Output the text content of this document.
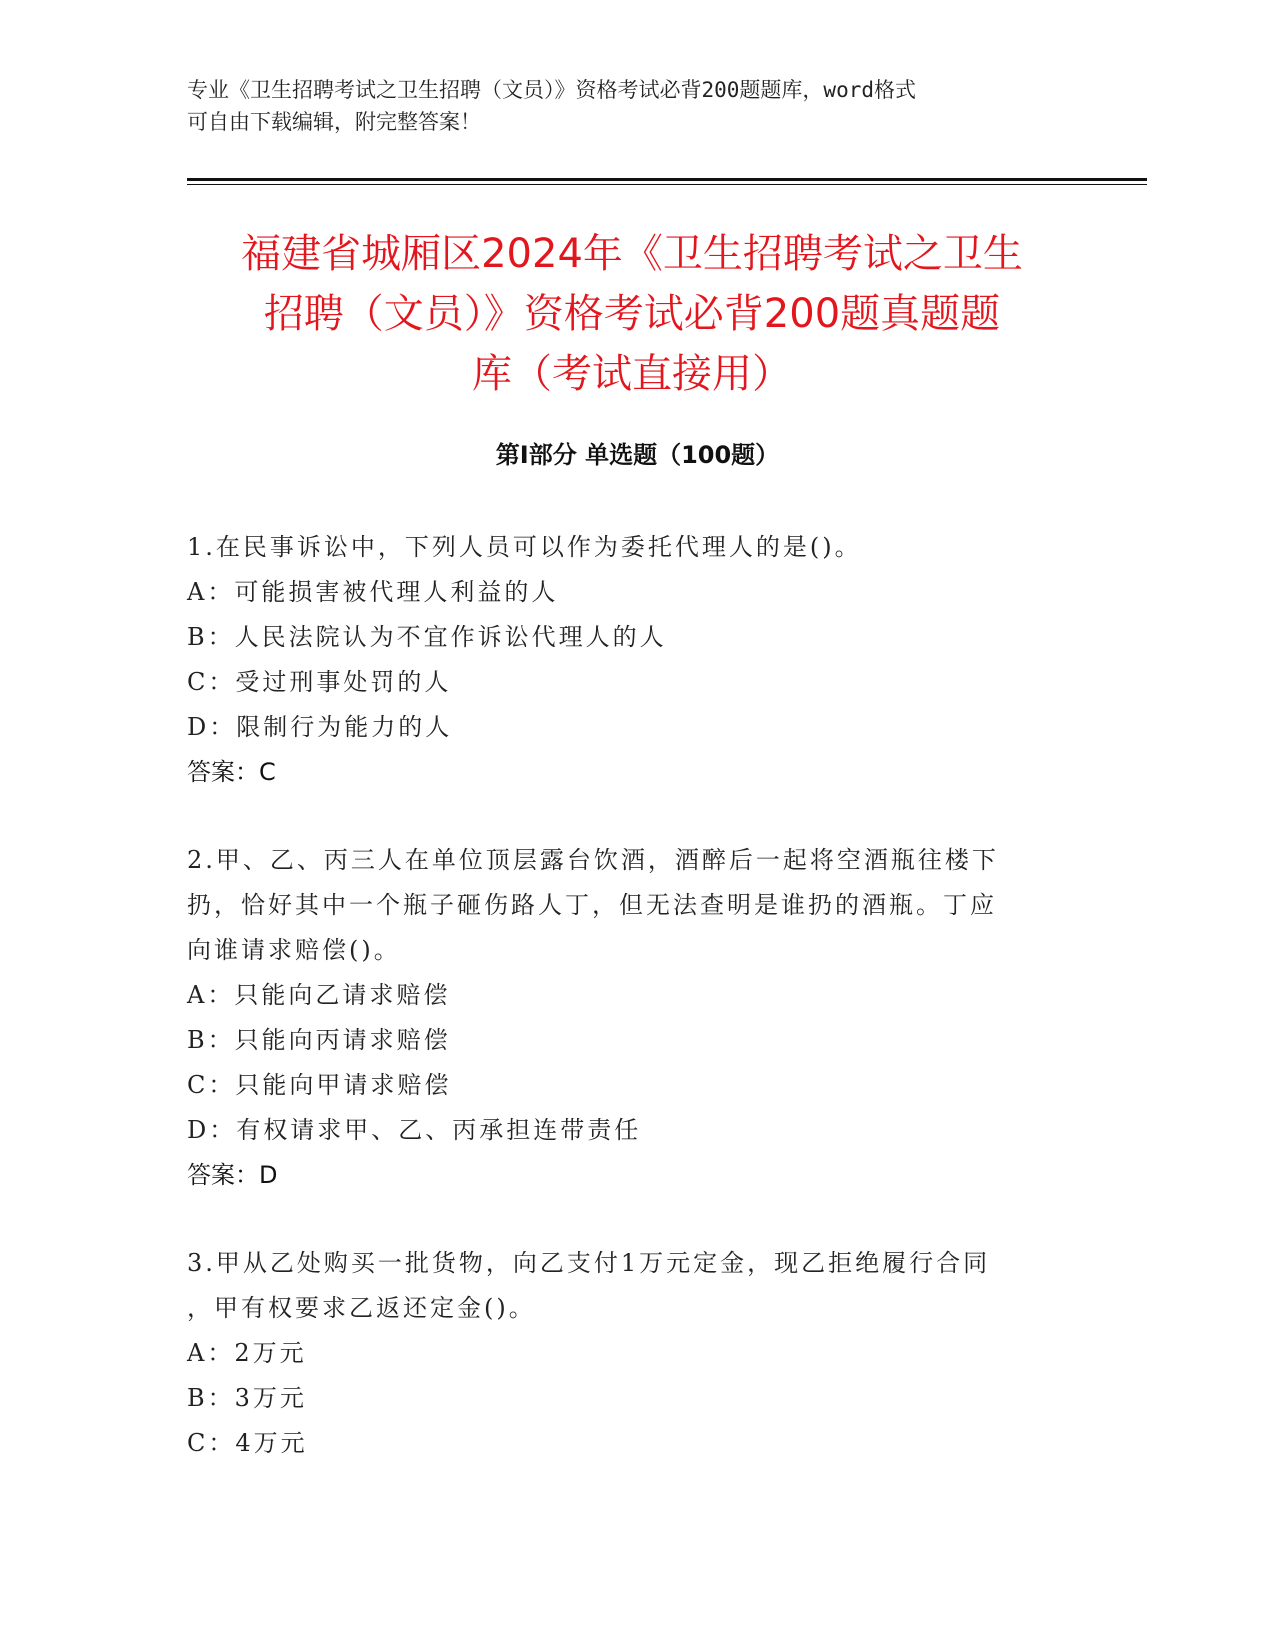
专业《卫生招聘考试之卫生招聘（文员）》资格考试必背200题题库，word格式
可自由下载编辑，附完整答案！
福建省城厢区2024年《卫生招聘考试之卫生
招聘（文员）》资格考试必背200题真题题
库（考试直接用）
第I部分 单选题（100题）
1.在民事诉讼中，下列人员可以作为委托代理人的是()。
A：可能损害被代理人利益的人
B：人民法院认为不宜作诉讼代理人的人
C：受过刑事处罚的人
D：限制行为能力的人
答案：C
2.甲、乙、丙三人在单位顶层露台饮酒，酒醉后一起将空酒瓶往楼下
扔，恰好其中一个瓶子砸伤路人丁，但无法查明是谁扔的酒瓶。丁应
向谁请求赔偿()。
A：只能向乙请求赔偿
B：只能向丙请求赔偿
C：只能向甲请求赔偿
D：有权请求甲、乙、丙承担连带责任
答案：D
3.甲从乙处购买一批货物，向乙支付1万元定金，现乙拒绝履行合同
，甲有权要求乙返还定金()。
A：2万元
B：3万元
C：4万元
